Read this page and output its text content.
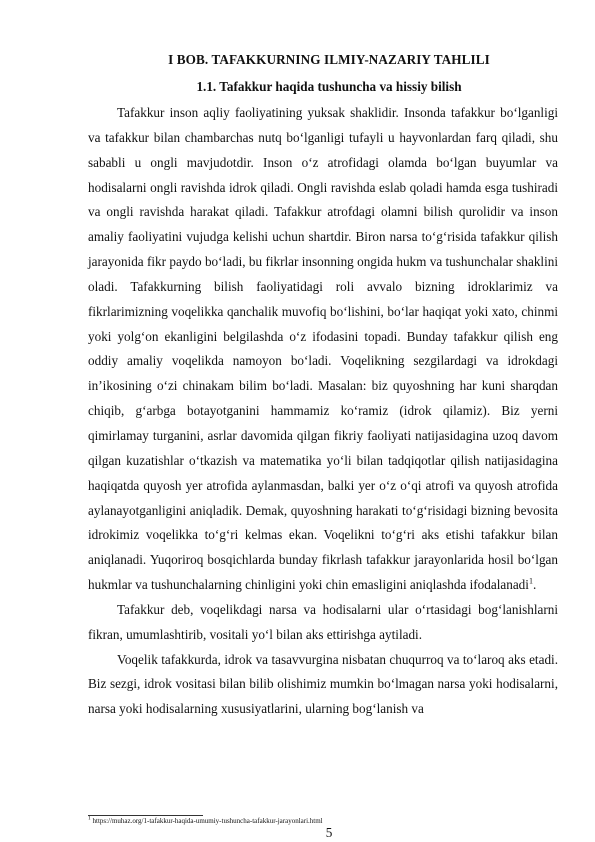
I BOB. TAFAKKURNING ILMIY-NAZARIY TAHLILI
1.1. Tafakkur haqida tushuncha va hissiy bilish

Tafakkur inson aqliy faoliyatining yuksak shaklidir. Insonda tafakkur bo‘lganligi va tafakkur bilan chambarchas nutq bo‘lganligi tufayli u hayvonlardan farq qiladi, shu sababli u ongli mavjudotdir. Inson o‘z atrofidagi olamda bo‘lgan buyumlar va hodisalarni ongli ravishda idrok qiladi. Ongli ravishda eslab qoladi hamda esga tushiradi va ongli ravishda harakat qiladi. Tafakkur atrofdagi olamni bilish qurolidir va inson amaliy faoliyatini vujudga kelishi uchun shartdir. Biron narsa to‘g‘risida tafakkur qilish jarayonida fikr paydo bo‘ladi, bu fikrlar insonning ongida hukm va tushunchalar shaklini oladi. Tafakkurning bilish faoliyatidagi roli avvalo bizning idroklarimiz va fikrlarimizning voqelikka qanchalik muvofiq bo‘lishini, bo‘lar haqiqat yoki xato, chinmi yoki yolg‘on ekanligini belgilashda o‘z ifodasini topadi. Bunday tafakkur qilish eng oddiy amaliy voqelikda namoyon bo‘ladi. Voqelikning sezgilardagi va idrokdagi in’ikosining o‘zi chinakam bilim bo‘ladi. Masalan: biz quyoshning har kuni sharqdan chiqib, g‘arbga botayotganini hammamiz ko‘ramiz (idrok qilamiz). Biz yerni qimirlamay turganini, asrlar davomida qilgan fikriy faoliyati natijasidagina uzoq davom qilgan kuzatishlar o‘tkazish va matematika yo‘li bilan tadqiqotlar qilish natijasidagina haqiqatda quyosh yer atrofida aylanmasdan, balki yer o‘z o‘qi atrofi va quyosh atrofida aylanayotganligini aniqladik. Demak, quyoshning harakati to‘g‘risidagi bizning bevosita idrokimiz voqelikka to‘g‘ri kelmas ekan. Voqelikni to‘g‘ri aks etishi tafakkur bilan aniqlanadi. Yuqoriroq bosqichlarda bunday fikrlash tafakkur jarayonlarida hosil bo‘lgan hukmlar va tushunchalarning chinligini yoki chin emasligini aniqlashda ifodalanadi$^1$.

Tafakkur deb, voqelikdagi narsa va hodisalarni ular o‘rtasidagi bog‘lanishlarni fikran, umumlashtirib, vositali yo‘l bilan aks ettirishga aytiladi.

Voqelik tafakkurda, idrok va tasavvurgina nisbatan chuqurroq va to‘laroq aks etadi. Biz sezgi, idrok vositasi bilan bilib olishimiz mumkin bo‘lmagan narsa yoki hodisalarni, narsa yoki hodisalarning xususiyatlarini, ularning bog‘lanish va

$^1$ https://muhaz.org/1-tafakkur-haqida-umumiy-tushuncha-tafakkur-jarayonlari.html
5
